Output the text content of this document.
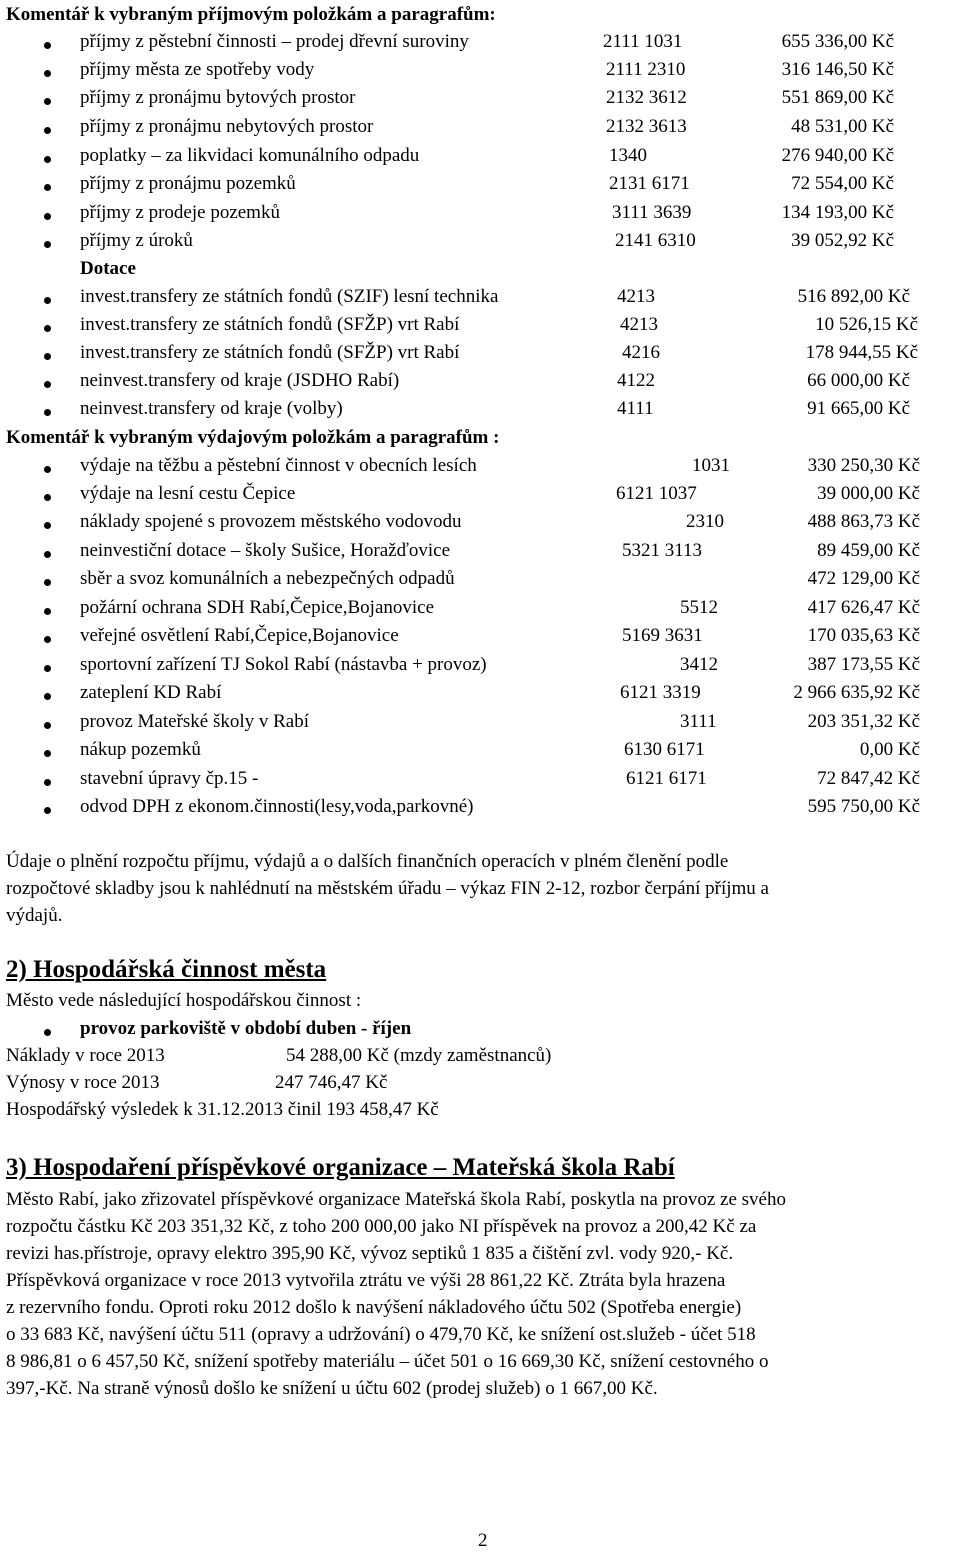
Komentář k vybraným příjmovým položkám a paragrafům:
příjmy z pěstební činnosti – prodej dřevní suroviny	2111 1031	655 336,00 Kč
příjmy města ze spotřeby vody	2111 2310	316 146,50 Kč
příjmy z pronájmu bytových prostor	2132 3612	551 869,00 Kč
příjmy z pronájmu nebytových prostor	2132 3613	48 531,00 Kč
poplatky – za likvidaci komunálního odpadu	1340	276 940,00 Kč
příjmy z pronájmu pozemků	2131 6171	72 554,00 Kč
příjmy z prodeje pozemků	3111 3639	134 193,00 Kč
příjmy z úroků	2141 6310	39 052,92 Kč
Dotace
invest.transfery ze státních fondů (SZIF) lesní technika	4213	516 892,00 Kč
invest.transfery ze státních fondů (SFŽP) vrt Rabí	4213	10 526,15 Kč
invest.transfery ze státních fondů (SFŽP) vrt Rabí	4216	178 944,55 Kč
neinvest.transfery od kraje (JSDHO Rabí)	4122	66 000,00 Kč
neinvest.transfery od kraje (volby)	4111	91 665,00 Kč
Komentář k vybraným výdajovým položkám a paragrafům :
výdaje na těžbu a pěstební činnost v obecních lesích	1031	330 250,30 Kč
výdaje na lesní cestu Čepice	6121 1037	39 000,00 Kč
náklady spojené s provozem městského vodovodu	2310	488 863,73 Kč
neinvestiční dotace – školy Sušice, Horažďovice	5321 3113	89 459,00 Kč
sběr a svoz komunálních a nebezpečných odpadů	472 129,00 Kč
požární ochrana SDH Rabí,Čepice,Bojanovice	5512	417 626,47 Kč
veřejné osvětlení Rabí,Čepice,Bojanovice	5169 3631	170 035,63 Kč
sportovní zařízení TJ Sokol Rabí (nástavba + provoz)	3412	387 173,55 Kč
zateplení KD Rabí	6121 3319	2 966 635,92 Kč
provoz Mateřské školy v Rabí	3111	203 351,32 Kč
nákup pozemků	6130 6171	0,00 Kč
stavební úpravy čp.15 -	6121 6171	72 847,42 Kč
odvod DPH z ekonom.činnosti(lesy,voda,parkovné)	595 750,00 Kč
Údaje o plnění rozpočtu příjmu, výdajů a o dalších finančních operacích v plném členění podle
rozpočtové skladby jsou k nahlédnutí na městském úřadu – výkaz FIN 2-12, rozbor čerpání příjmu a
výdajů.
2) Hospodářská činnost města
Město vede následující hospodářskou činnost :
provoz parkoviště v období duben - říjen
Náklady v roce 2013	54 288,00 Kč (mzdy zaměstnanců)
Výnosy v roce 2013	247 746,47 Kč
Hospodářský výsledek k 31.12.2013 činil 193 458,47 Kč
3) Hospodaření příspěvkové organizace – Mateřská škola Rabí
Město Rabí, jako zřizovatel příspěvkové organizace Mateřská škola Rabí, poskytla na provoz ze svého
rozpočtu částku Kč 203 351,32 Kč, z toho 200 000,00 jako NI příspěvek na provoz a 200,42 Kč za
revizi has.přístroje, opravy elektro 395,90 Kč, vývoz septiků 1 835 a čištění zvl. vody 920,- Kč.
Příspěvková organizace v roce 2013 vytvořila ztrátu ve výši 28 861,22 Kč. Ztráta byla hrazena
z rezervního fondu. Oproti roku 2012 došlo k navýšení nákladového účtu 502 (Spotřeba energie)
o 33 683 Kč, navýšení účtu 511 (opravy a udržování) o 479,70 Kč, ke snížení ost.služeb - účet 518
8 986,81 o 6 457,50 Kč, snížení spotřeby materiálu – účet 501 o 16 669,30 Kč, snížení cestovného o
397,-Kč. Na straně výnosů došlo ke snížení u účtu 602 (prodej služeb) o 1 667,00 Kč.
2
